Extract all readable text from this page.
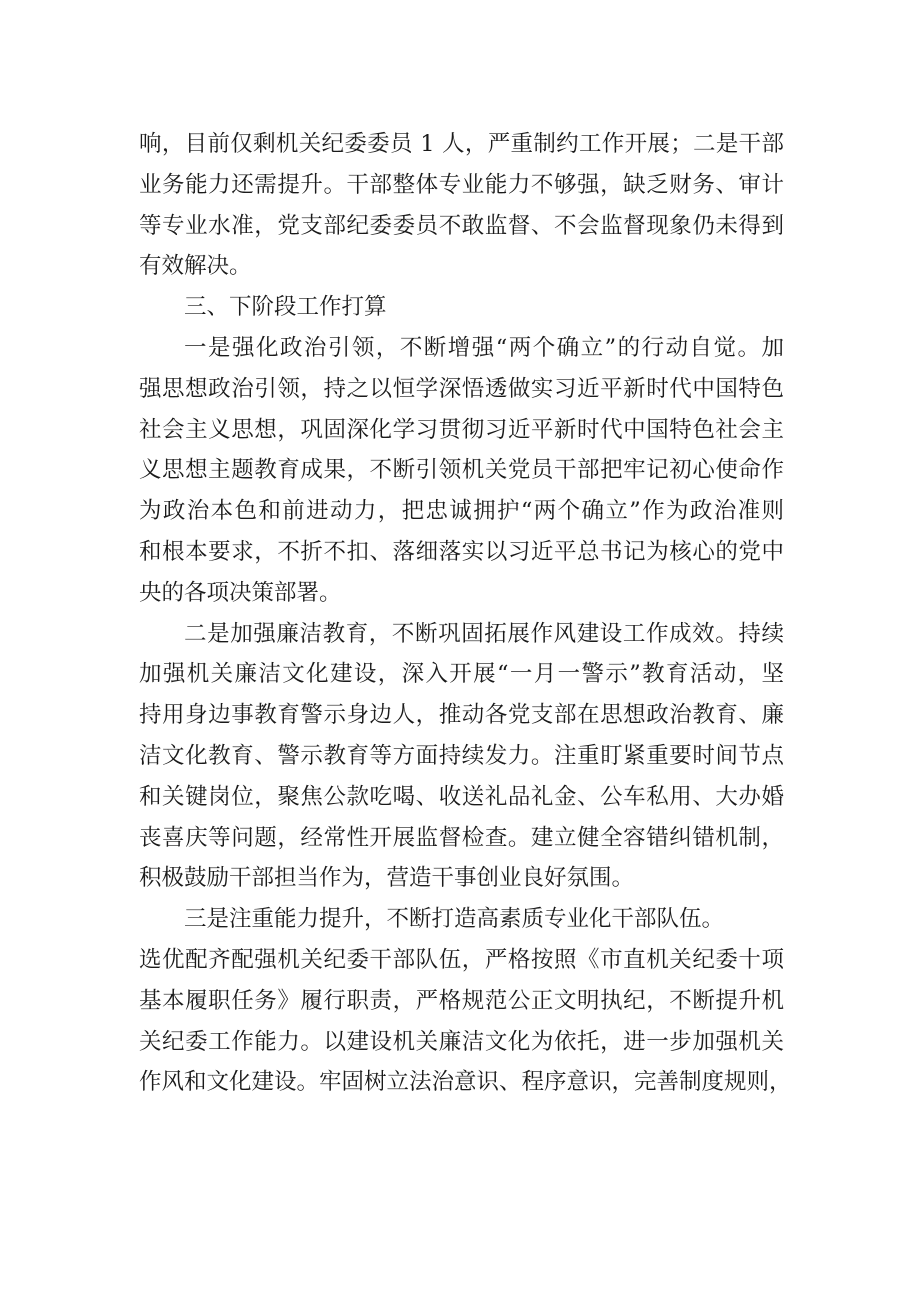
响，目前仅剩机关纪委委员 1 人，严重制约工作开展；二是干部
业务能力还需提升。干部整体专业能力不够强，缺乏财务、审计
等专业水准，党支部纪委委员不敢监督、不会监督现象仍未得到
有效解决。
三、下阶段工作打算
一是强化政治引领，不断增强“两个确立”的行动自觉。加
强思想政治引领，持之以恒学深悟透做实习近平新时代中国特色
社会主义思想，巩固深化学习贯彻习近平新时代中国特色社会主
义思想主题教育成果，不断引领机关党员干部把牢记初心使命作
为政治本色和前进动力，把忠诚拥护“两个确立”作为政治准则
和根本要求，不折不扣、落细落实以习近平总书记为核心的党中
央的各项决策部署。
二是加强廉洁教育，不断巩固拓展作风建设工作成效。持续
加强机关廉洁文化建设，深入开展“一月一警示”教育活动，坚
持用身边事教育警示身边人，推动各党支部在思想政治教育、廉
洁文化教育、警示教育等方面持续发力。注重盯紧重要时间节点
和关键岗位，聚焦公款吃喝、收送礼品礼金、公车私用、大办婚
丧喜庆等问题，经常性开展监督检查。建立健全容错纠错机制，
积极鼓励干部担当作为，营造干事创业良好氛围。
三是注重能力提升，不断打造高素质专业化干部队伍。
选优配齐配强机关纪委干部队伍，严格按照《市直机关纪委十项
基本履职任务》履行职责，严格规范公正文明执纪，不断提升机
关纪委工作能力。以建设机关廉洁文化为依托，进一步加强机关
作风和文化建设。牢固树立法治意识、程序意识，完善制度规则，
